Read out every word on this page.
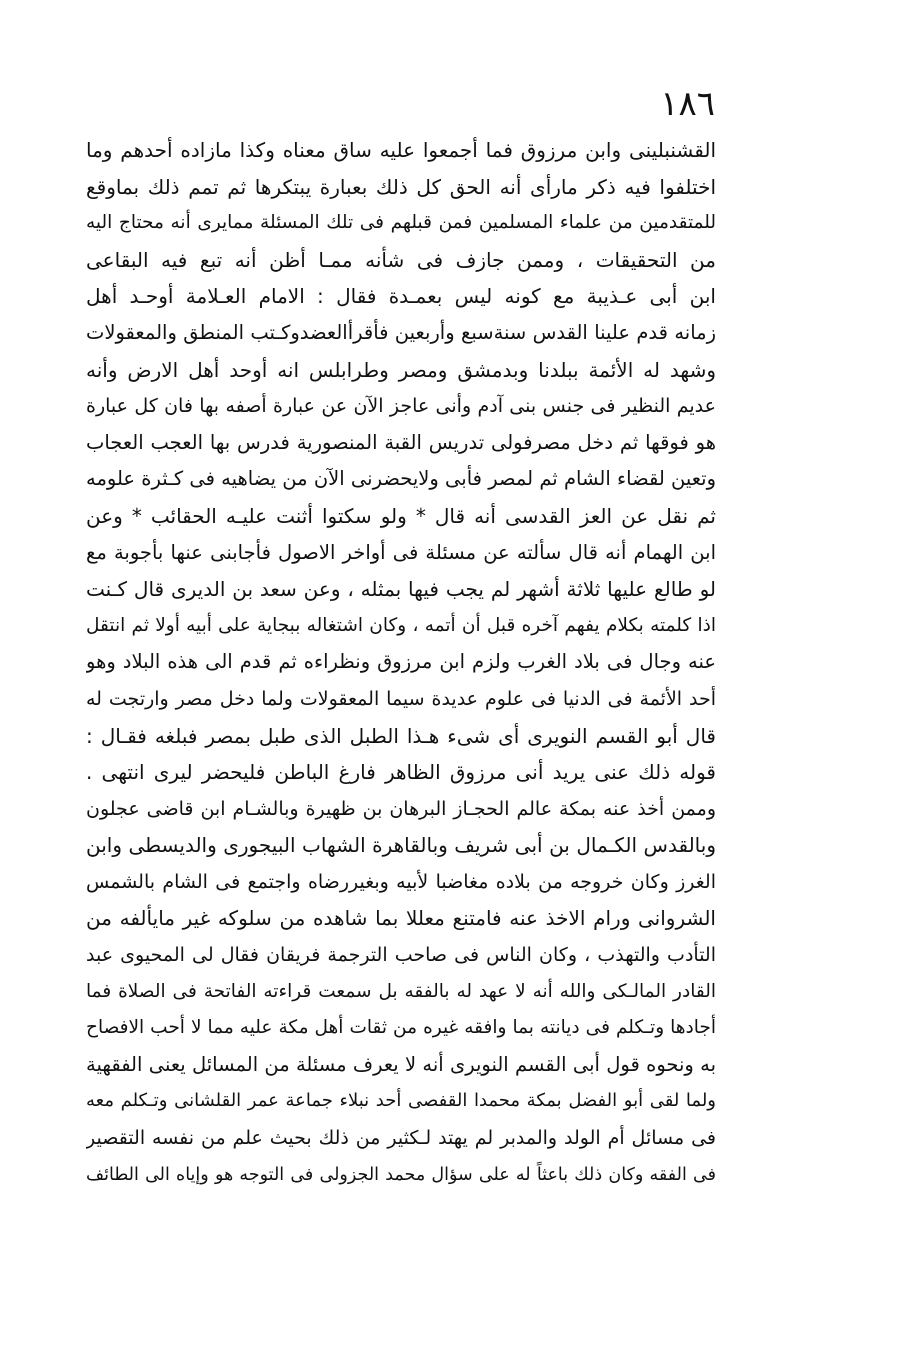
١٨٦
القشنبلينى وابن مرزوق فما أجمعوا عليه ساق معناه وكذا مازاده أحدهم وما
اختلفوا فيه ذكر مارأى أنه الحق كل ذلك بعبارة يبتكرها ثم تمم ذلك بماوقع
للمتقدمين من علماء المسلمين فمن قبلهم فى تلك المسئلة ممايرى أنه محتاج اليه
من التحقيقات ، وممن جازف فى شأنه ممـا أظن أنه تبع فيه البقاعى
ابن أبى عـذيبة مع كونه ليس بعمـدة فقال : الامام العـلامة أوحـد أهل
زمانه قدم علينا القدس سنةسبع وأربعين فأقرأالعضدوكـتب المنطق والمعقولات
وشهد له الأئمة ببلدنا وبدمشق ومصر وطرابلس انه أوحد أهل الارض وأنه
عديم النظير فى جنس بنى آدم وأنى عاجز الآن عن عبارة أصفه بها فان كل عبارة
هو فوقها ثم دخل مصرفولى تدريس القبة المنصورية فدرس بها العجب العجاب
وتعين لقضاء الشام ثم لمصر فأبى ولايحضرنى الآن من يضاهيه فى كـثرة علومه
ثم نقل عن العز القدسى أنه قال * ولو سكتوا أثنت عليـه الحقائب * وعن
ابن الهمام أنه قال سألته عن مسئلة فى أواخر الاصول فأجابنى عنها بأجوبة مع
لو طالع عليها ثلاثة أشهر لم يجب فيها بمثله ، وعن سعد بن الديرى قال كـنت
اذا كلمته بكلام يفهم آخره قبل أن أتمه ، وكان اشتغاله ببجاية على أبيه أولا ثم انتقل
عنه وجال فى بلاد الغرب ولزم ابن مرزوق ونظراءه ثم قدم الى هذه البلاد وهو
أحد الأئمة فى الدنيا فى علوم عديدة سيما المعقولات ولما دخل مصر وارتجت له
قال أبو القسم النويرى أى شىء هـذا الطبل الذى طبل بمصر فبلغه فقـال :
قوله ذلك عنى يريد أنى مرزوق الظاهر فارغ الباطن فليحضر ليرى انتهى .
وممن أخذ عنه بمكة عالم الحجـاز البرهان بن ظهيرة وبالشـام ابن قاضى عجلون
وبالقدس الكـمال بن أبى شريف وبالقاهرة الشهاب البيجورى والديسطى وابن
الغرز وكان خروجه من بلاده مغاضبا لأبيه وبغيررضاه واجتمع فى الشام بالشمس
الشروانى ورام الاخذ عنه فامتنع معللا بما شاهده من سلوكه غير مايألفه من
التأدب والتهذب ، وكان الناس فى صاحب الترجمة فريقان فقال لى المحيوى عبد
القادر المالـكى والله أنه لا عهد له بالفقه بل سمعت قراءته الفاتحة فى الصلاة فما
أجادها وتـكلم فى ديانته بما وافقه غيره من ثقات أهل مكة عليه مما لا أحب الافصاح
به ونحوه قول أبى القسم النويرى أنه لا يعرف مسئلة من المسائل يعنى الفقهية
ولما لقى أبو الفضل بمكة محمدا القفصى أحد نبلاء جماعة عمر القلشانى وتـكلم معه
فى مسائل أم الولد والمدبر لم يهتد لـكثير من ذلك بحيث علم من نفسه التقصير
فى الفقه وكان ذلك باعثاً له على سؤال محمد الجزولى فى التوجه هو وإياه الى الطائف
